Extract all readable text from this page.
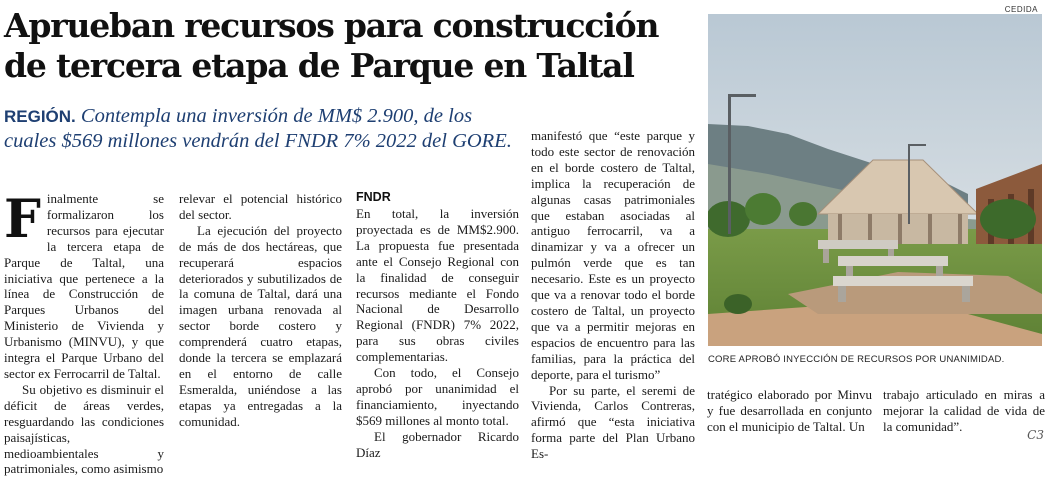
Aprueban recursos para construcción de tercera etapa de Parque en Taltal
REGIÓN. Contempla una inversión de MM$ 2.900, de los cuales $569 millones vendrán del FNDR 7% 2022 del GORE.
F inalmente se formalizaron los recursos para ejecutar la tercera etapa de Parque de Taltal, una iniciativa que pertenece a la línea de Construcción de Parques Urbanos del Ministerio de Vivienda y Urbanismo (MINVU), y que integra el Parque Urbano del sector ex Ferrocarril de Taltal.

Su objetivo es disminuir el déficit de áreas verdes, resguardando las condiciones paisajísticas, medioambientales y patrimoniales, como asimismo

relevar el potencial histórico del sector.

La ejecución del proyecto de más de dos hectáreas, que recuperará espacios deteriorados y subutilizados de la comuna de Taltal, dará una imagen urbana renovada al sector borde costero y comprenderá cuatro etapas, donde la tercera se emplazará en el entorno de calle Esmeralda, uniéndose a las etapas ya entregadas a la comunidad.

FNDR

En total, la inversión proyectada es de MM$2.900. La propuesta fue presentada ante el Consejo Regional con la finalidad de conseguir recursos mediante el Fondo Nacional de Desarrollo Regional (FNDR) 7% 2022, para sus obras civiles complementarias.

Con todo, el Consejo aprobó por unanimidad el financiamiento, inyectando $569 millones al monto total.

El gobernador Ricardo Díaz

manifestó que “este parque y todo este sector de renovación en el borde costero de Taltal, implica la recuperación de algunas casas patrimoniales que estaban asociadas al antiguo ferrocarril, va a dinamizar y va a ofrecer un pulmón verde que es tan necesario. Este es un proyecto que va a renovar todo el borde costero de Taltal, un proyecto que va a permitir mejoras en espacios de encuentro para las familias, para la práctica del deporte, para el turismo”

Por su parte, el seremi de Vivienda, Carlos Contreras, afirmó que “esta iniciativa forma parte del Plan Urbano Es-

tratégico elaborado por Minvu y fue desarrollada en conjunto con el municipio de Taltal. Un

trabajo articulado en miras a mejorar la calidad de vida de la comunidad”.

CEDIDA
CORE APROBÓ INYECCIÓN DE RECURSOS POR UNANIMIDAD.
C3
